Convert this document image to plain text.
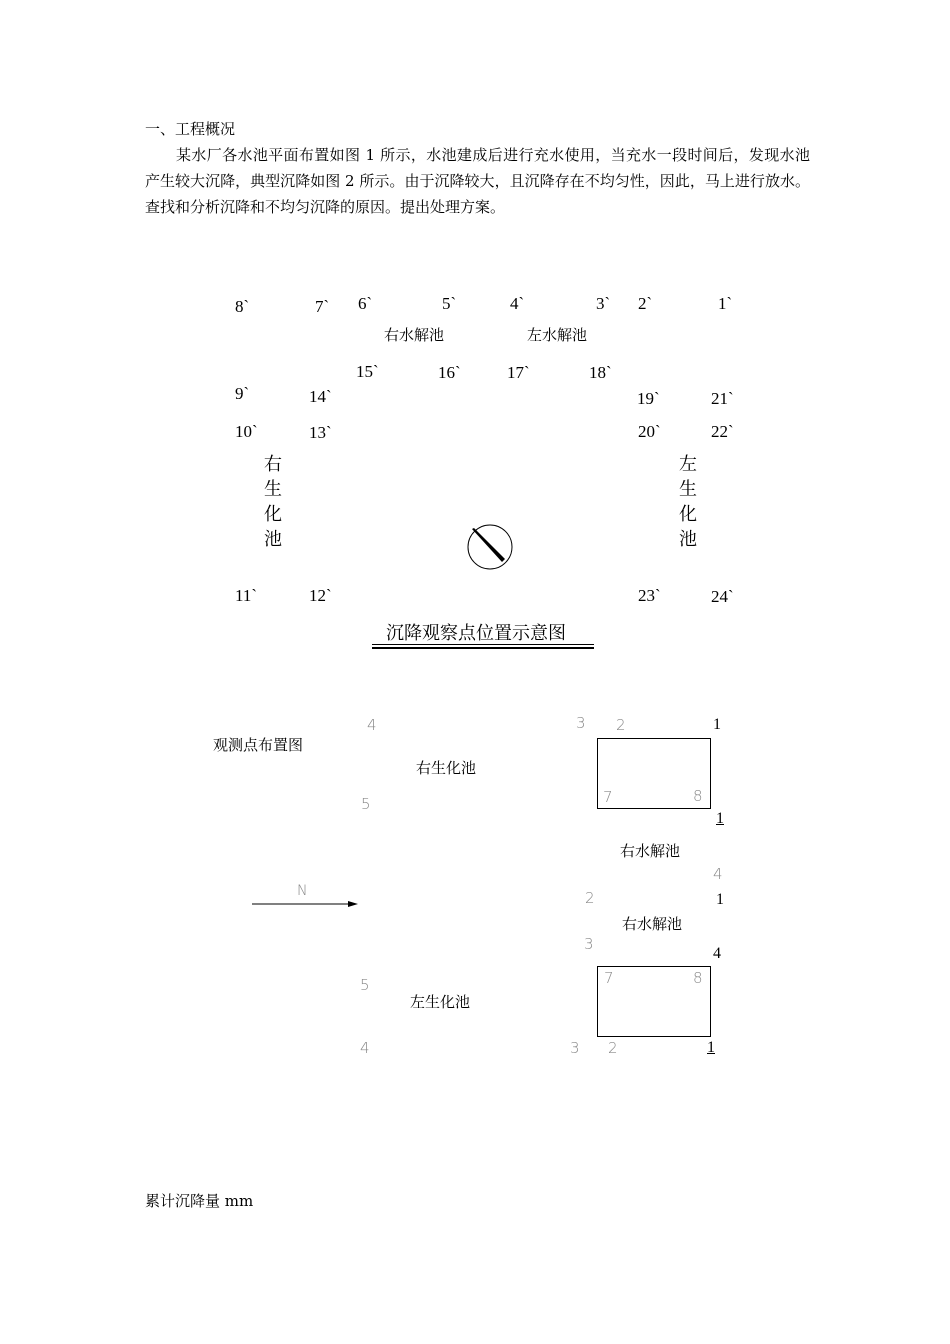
一、工程概况
某水厂各水池平面布置如图 1 所示，水池建成后进行充水使用，当充水一段时间后，发现水池产生较大沉降，典型沉降如图 2 所示。由于沉降较大，且沉降存在不均匀性，因此，马上进行放水。查找和分析沉降和不均匀沉降的原因。提出处理方案。
8`	7` 6`	5`	4`	3` 2`	1`
右水解池	左水解池
15`	16`	17`	18`
9`	14`	19`	21`
10`	13`	20`	22`
右
生
化
池
左
生
化
池
11`	12`	23`	24`
沉降观察点位置示意图
观测点布置图
4
右生化池
5
3 2	1
7	8
1
右水解池
4
N	2	1
右水解池
3
4
7	8
5
左生化池
4	3 2	1
累计沉降量 mm
